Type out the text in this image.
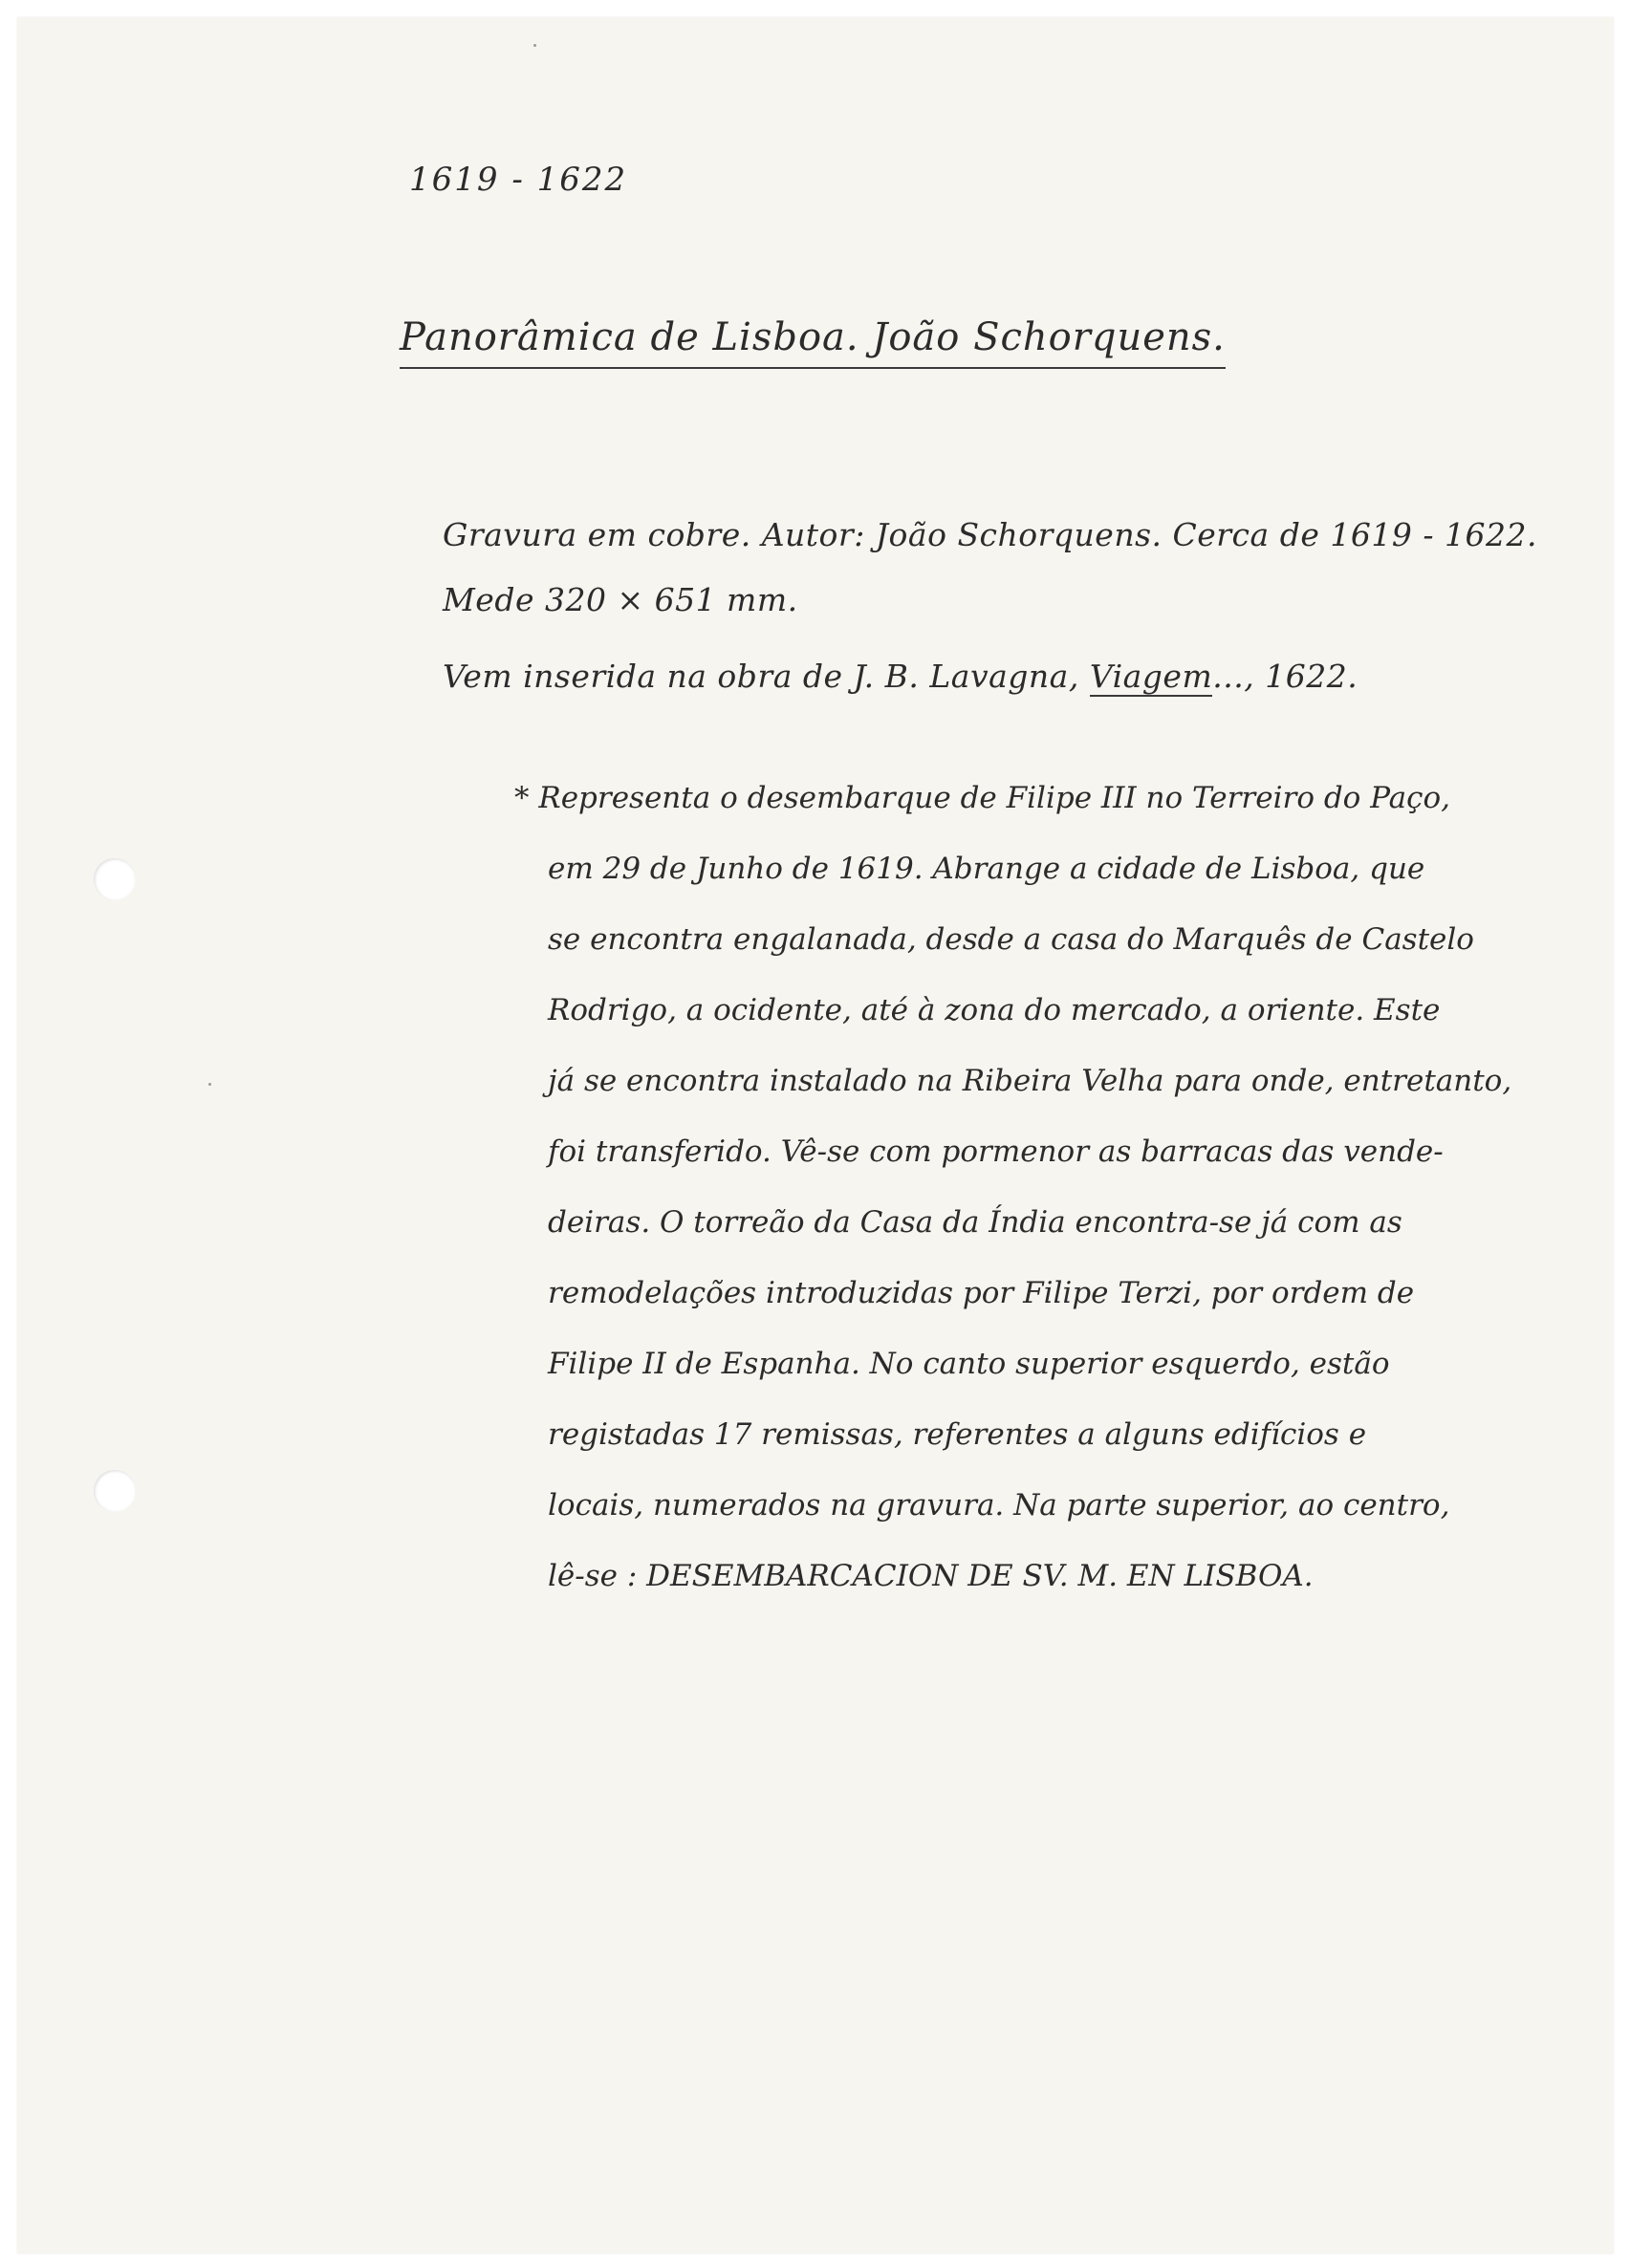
1619 - 1622
Panorâmica de Lisboa. João Schorquens.
Gravura em cobre. Autor: João Schorquens. Cerca de 1619 - 1622.
Mede 320 × 651 mm.
Vem inserida na obra de J. B. Lavagna, Viagem..., 1622.
* Representa o desembarque de Filipe III no Terreiro do Paço,
em 29 de Junho de 1619. Abrange a cidade de Lisboa, que
se encontra engalanada, desde a casa do Marquês de Castelo
Rodrigo, a ocidente, até à zona do mercado, a oriente. Este
já se encontra instalado na Ribeira Velha para onde, entretanto,
foi transferido. Vê-se com pormenor as barracas das vende-
deiras. O torreão da Casa da Índia encontra-se já com as
remodelações introduzidas por Filipe Terzi, por ordem de
Filipe II de Espanha. No canto superior esquerdo, estão
registadas 17 remissas, referentes a alguns edifícios e
locais, numerados na gravura. Na parte superior, ao centro,
lê-se : DESEMBARCACION DE SV. M. EN LISBOA.
